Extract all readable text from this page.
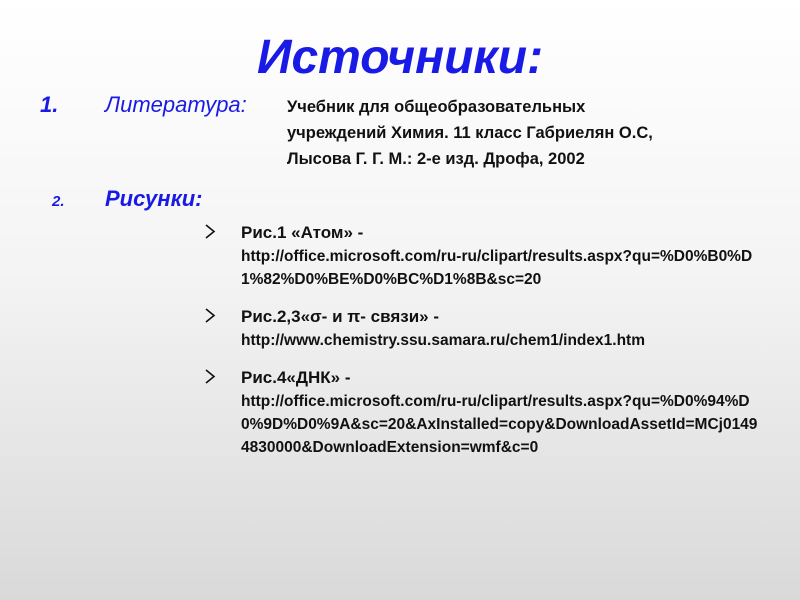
Источники:
1. Литература: Учебник для общеобразовательных
учреждений Химия. 11 класс Габриелян О.С,
Лысова Г. Г. М.: 2-е изд. Дрофа, 2002
2. Рисунки:
Рис.1 «Атом» -
http://office.microsoft.com/ru-ru/clipart/results.aspx?qu=%D0%B0%D1%82%D0%BE%D0%BC%D1%8B&sc=20
Рис.2,3«σ- и π- связи» -
http://www.chemistry.ssu.samara.ru/chem1/index1.htm
Рис.4«ДНК» -
http://office.microsoft.com/ru-ru/clipart/results.aspx?qu=%D0%94%D0%9D%D0%9A&sc=20&AxInstalled=copy&DownloadAssetId=MCj01494830000&DownloadExtension=wmf&c=0
